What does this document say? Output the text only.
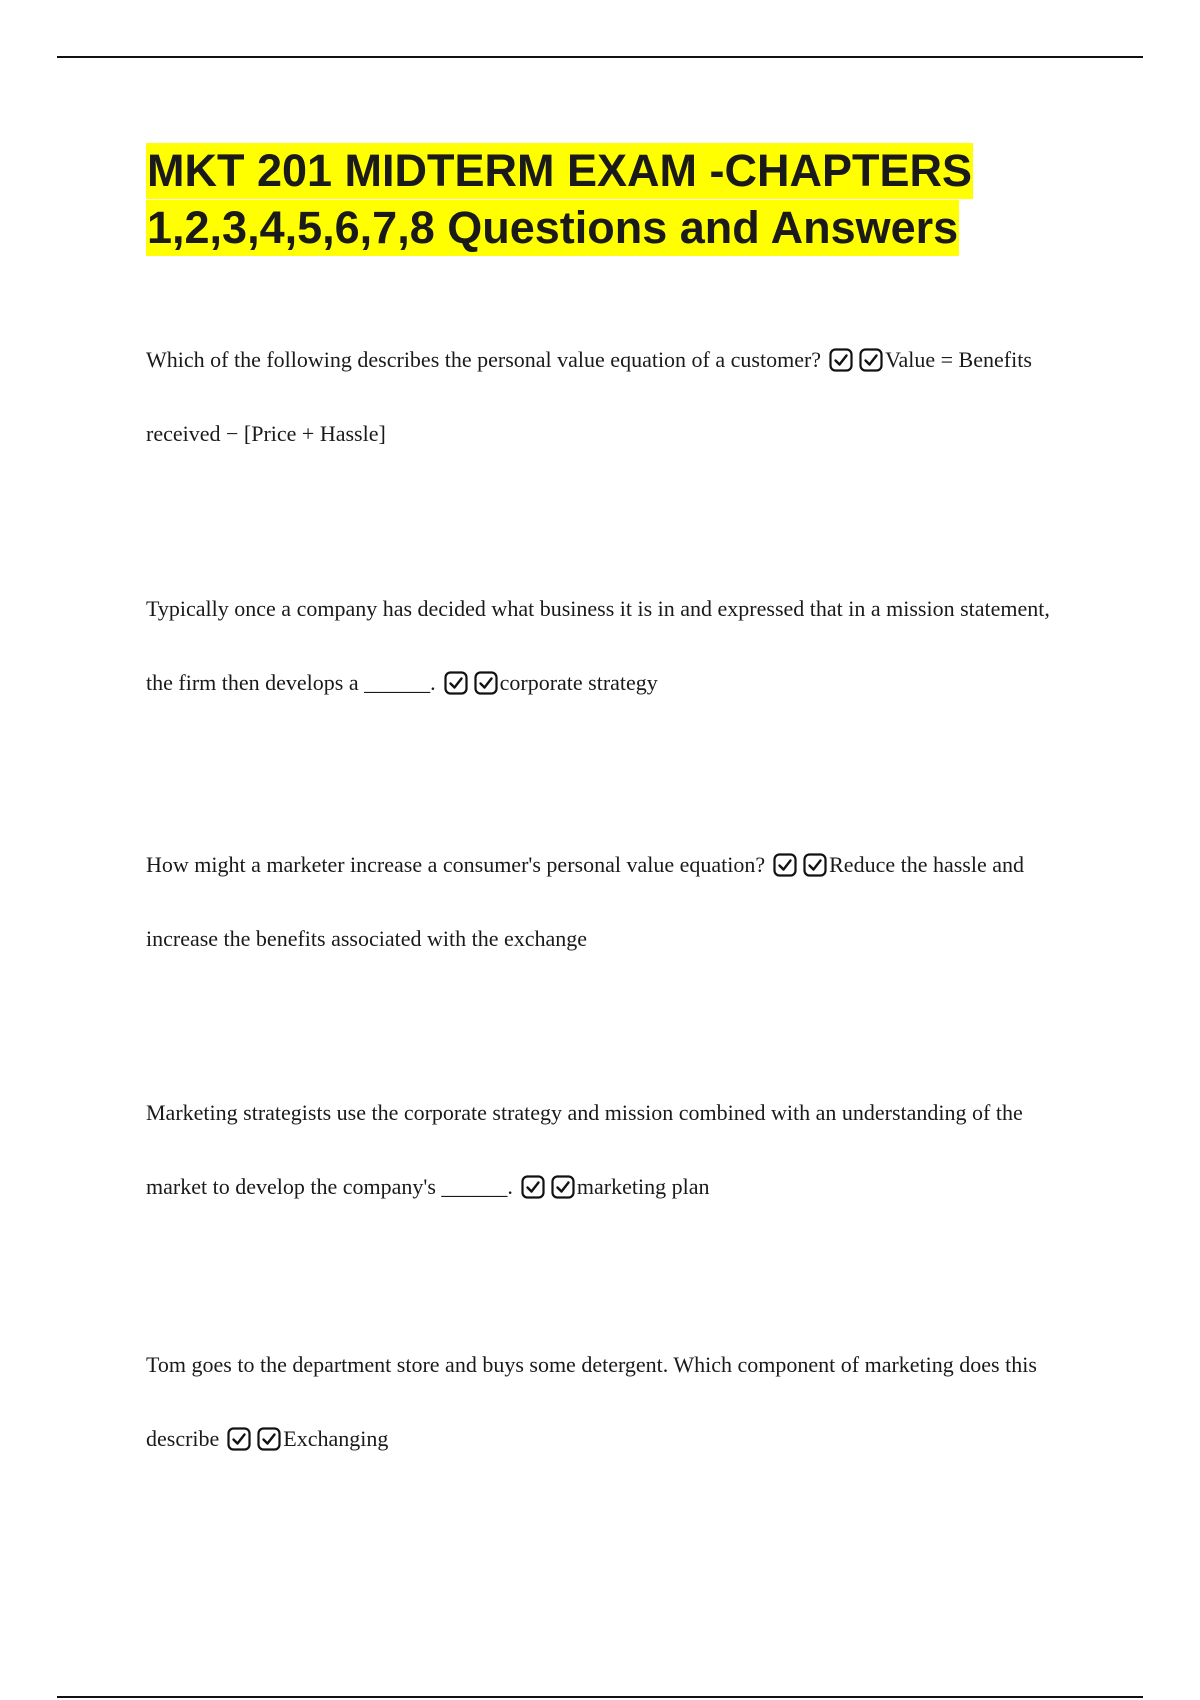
MKT 201 MIDTERM EXAM -CHAPTERS 1,2,3,4,5,6,7,8 Questions and Answers

Which of the following describes the personal value equation of a customer?	Value = Benefits received − [Price + Hassle]

Typically once a company has decided what business it is in and expressed that in a mission statement, the firm then develops a ______.	corporate strategy

How might a marketer increase a consumer's personal value equation?	Reduce the hassle and increase the benefits associated with the exchange

Marketing strategists use the corporate strategy and mission combined with an understanding of the market to develop the company's ______.	marketing plan

Tom goes to the department store and buys some detergent. Which component of marketing does this describe	Exchanging
